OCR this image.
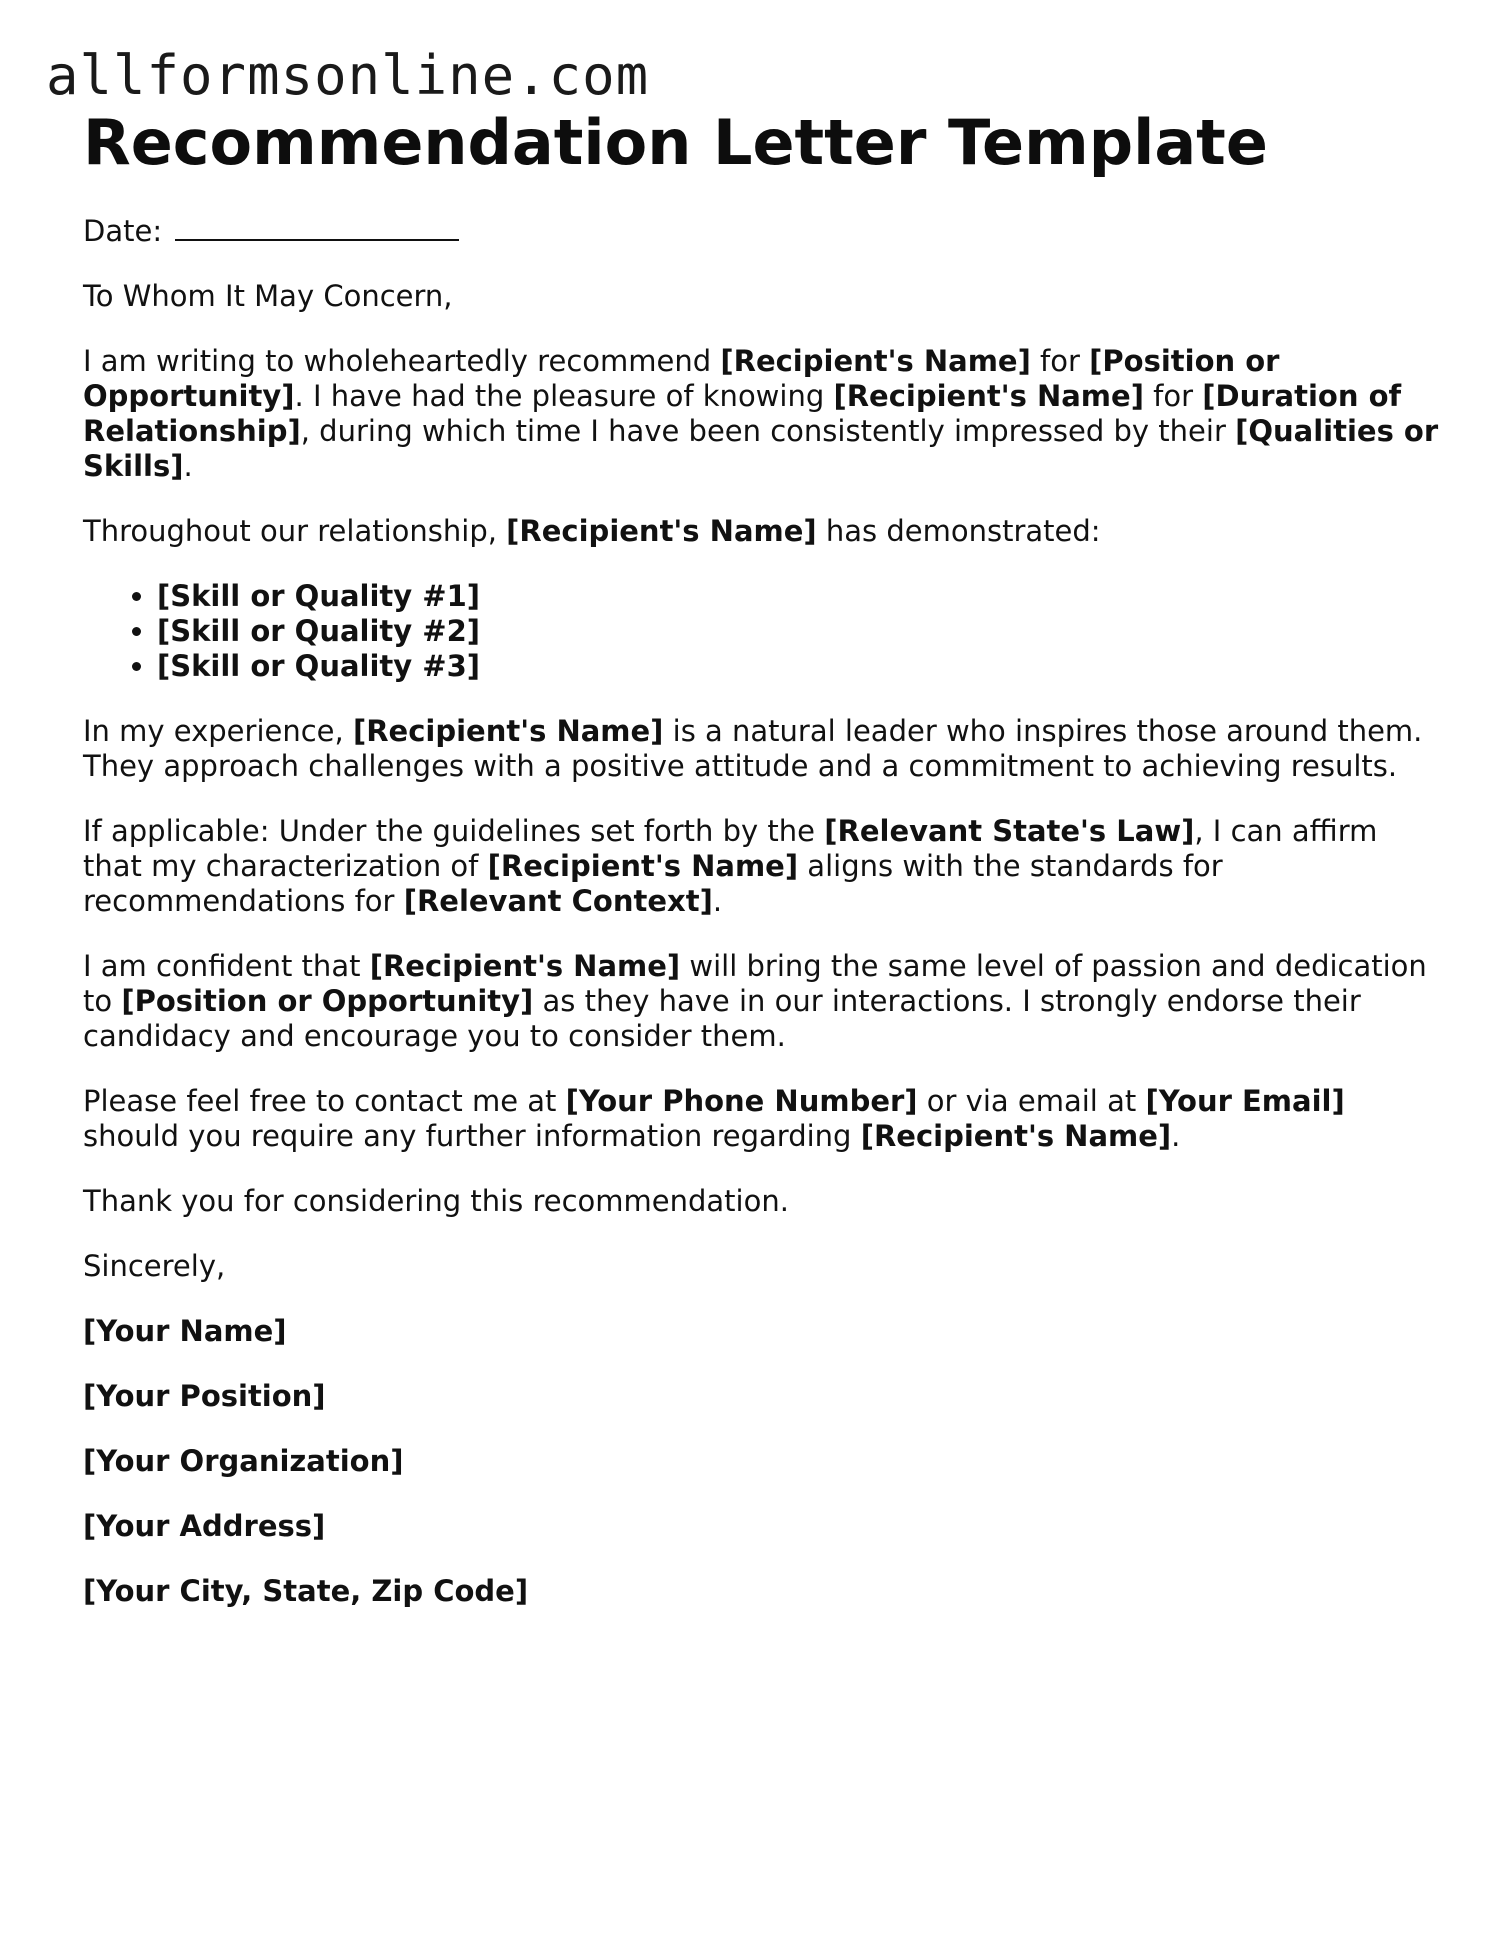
allformsonline.com
Recommendation Letter Template

Date:

To Whom It May Concern,

I am writing to wholeheartedly recommend [Recipient's Name] for [Position or Opportunity]. I have had the pleasure of knowing [Recipient's Name] for [Duration of Relationship], during which time I have been consistently impressed by their [Qualities or Skills].

Throughout our relationship, [Recipient's Name] has demonstrated:

• [Skill or Quality #1]
• [Skill or Quality #2]
• [Skill or Quality #3]

In my experience, [Recipient's Name] is a natural leader who inspires those around them. They approach challenges with a positive attitude and a commitment to achieving results.

If applicable: Under the guidelines set forth by the [Relevant State's Law], I can affirm that my characterization of [Recipient's Name] aligns with the standards for recommendations for [Relevant Context].

I am confident that [Recipient's Name] will bring the same level of passion and dedication to [Position or Opportunity] as they have in our interactions. I strongly endorse their candidacy and encourage you to consider them.

Please feel free to contact me at [Your Phone Number] or via email at [Your Email] should you require any further information regarding [Recipient's Name].

Thank you for considering this recommendation.

Sincerely,

[Your Name]

[Your Position]

[Your Organization]

[Your Address]

[Your City, State, Zip Code]
